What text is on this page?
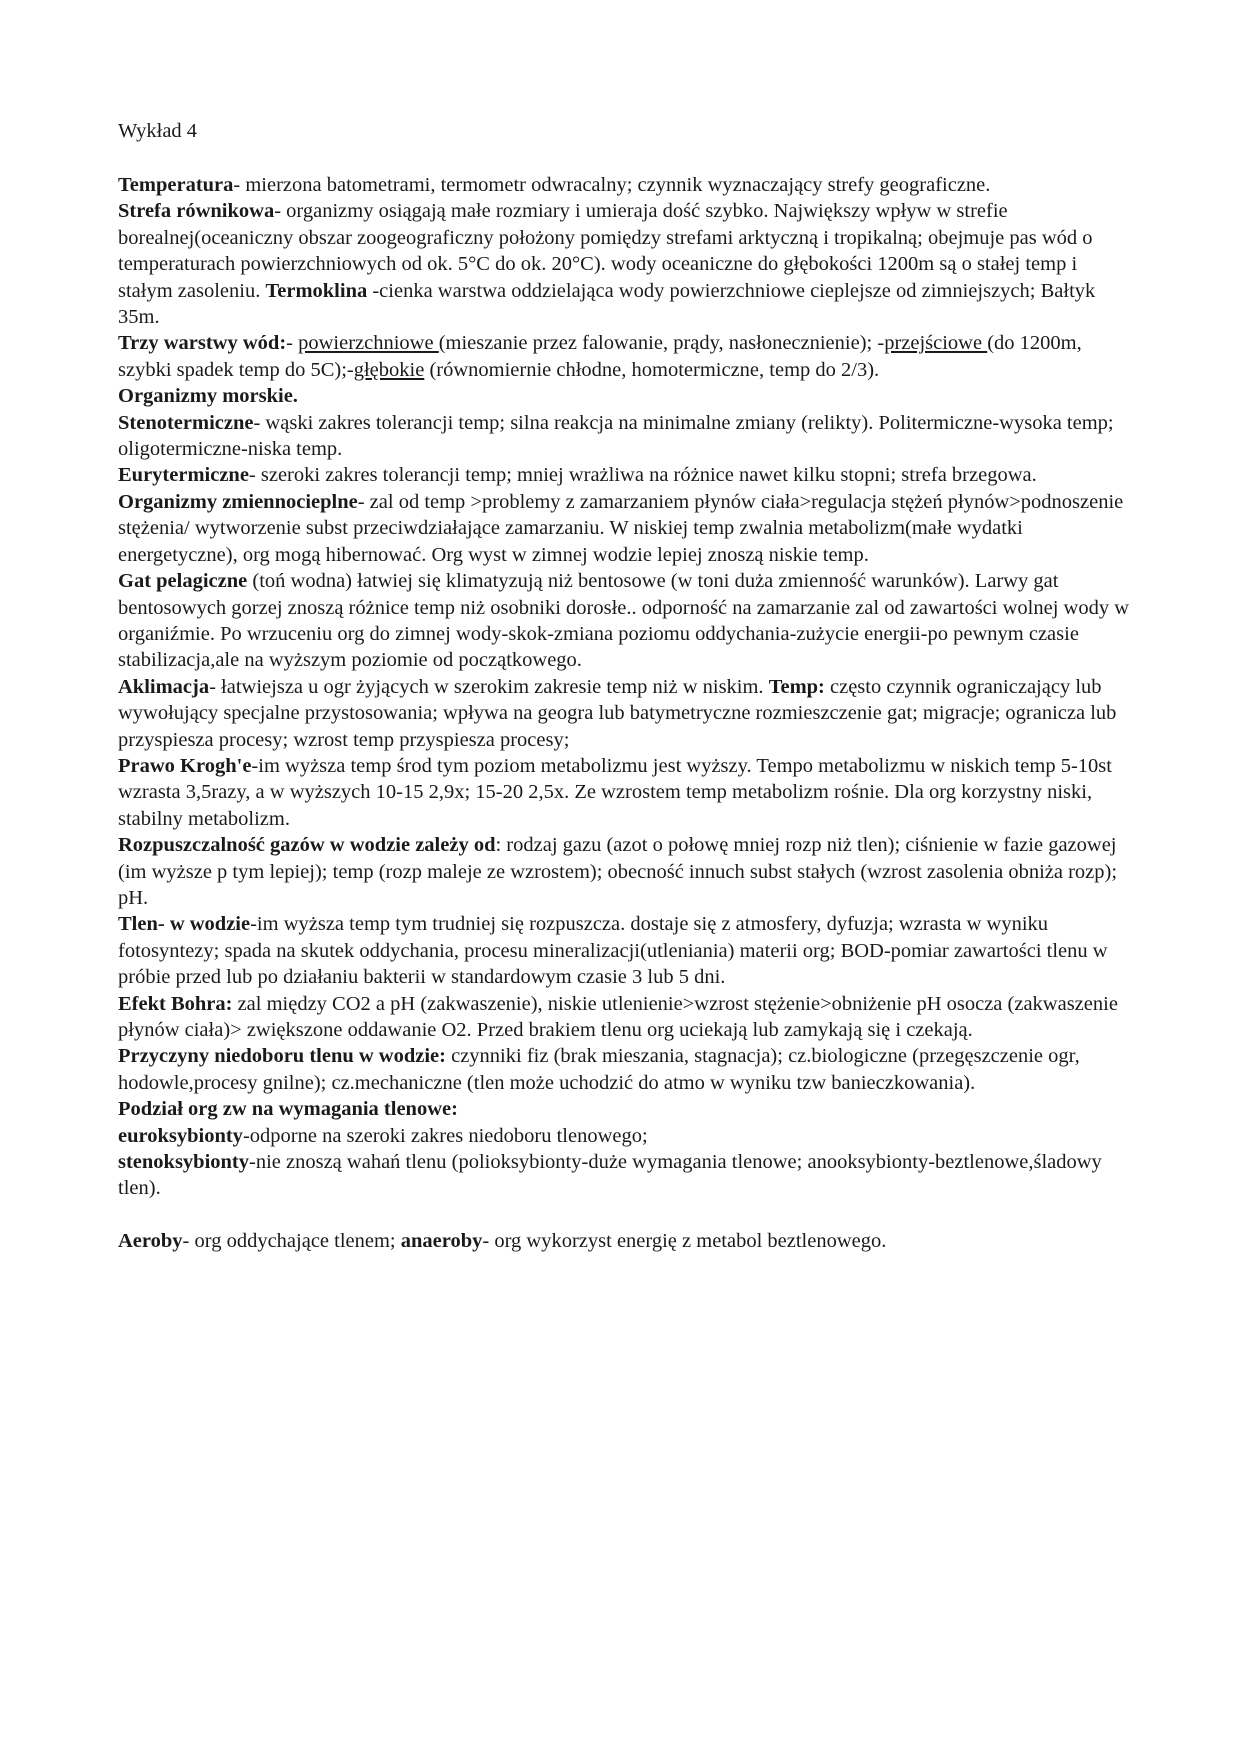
Wykład 4

Temperatura- mierzona batometrami, termometr odwracalny; czynnik wyznaczający strefy geograficzne.

Strefa równikowa- organizmy osiągają małe rozmiary i umieraja dość szybko. Największy wpływ w strefie borealnej(oceaniczny obszar zoogeograficzny położony pomiędzy strefami arktyczną i tropikalną; obejmuje pas wód o temperaturach powierzchniowych od ok. 5°C do ok. 20°C). wody oceaniczne do głębokości 1200m są o stałej temp i stałym zasoleniu. Termoklina -cienka warstwa oddzielająca wody powierzchniowe cieplejsze od zimniejszych; Bałtyk 35m.

Trzy warstwy wód:- powierzchniowe (mieszanie przez falowanie, prądy, nasłonecznienie); -przejściowe (do 1200m, szybki spadek temp do 5C);-głębokie (równomiernie chłodne, homotermiczne, temp do 2/3).

Organizmy morskie.

Stenotermiczne- wąski zakres tolerancji temp; silna reakcja na minimalne zmiany (relikty). Politermiczne-wysoka temp; oligotermiczne-niska temp.

Eurytermiczne- szeroki zakres tolerancji temp; mniej wrażliwa na różnice nawet kilku stopni; strefa brzegowa.

Organizmy zmiennocieplne- zal od temp >problemy z zamarzaniem płynów ciała>regulacja stężeń płynów>podnoszenie stężenia/ wytworzenie subst przeciwdziałające zamarzaniu. W niskiej temp zwalnia metabolizm(małe wydatki energetyczne), org mogą hibernować. Org wyst w zimnej wodzie lepiej znoszą niskie temp.

Gat pelagiczne (toń wodna) łatwiej się klimatyzują niż bentosowe (w toni duża zmienność warunków). Larwy gat bentosowych gorzej znoszą różnice temp niż osobniki dorosłe.. odporność na zamarzanie zal od zawartości wolnej wody w organiźmie. Po wrzuceniu org do zimnej wody-skok-zmiana poziomu oddychania-zużycie energii-po pewnym czasie stabilizacja,ale na wyższym poziomie od początkowego.

Aklimacja- łatwiejsza u ogr żyjących w szerokim zakresie temp niż w niskim. Temp: często czynnik ograniczający lub wywołujący specjalne przystosowania; wpływa na geogra lub batymetryczne rozmieszczenie gat; migracje; ogranicza lub przyspiesza procesy; wzrost temp przyspiesza procesy;

Prawo Krogh'e-im wyższa temp środ tym poziom metabolizmu jest wyższy. Tempo metabolizmu w niskich temp 5-10st wzrasta 3,5razy, a w wyższych 10-15 2,9x; 15-20 2,5x. Ze wzrostem temp metabolizm rośnie. Dla org korzystny niski, stabilny metabolizm.

Rozpuszczalność gazów w wodzie zależy od: rodzaj gazu (azot o połowę mniej rozp niż tlen); ciśnienie w fazie gazowej (im wyższe p tym lepiej); temp (rozp maleje ze wzrostem); obecność innuch subst stałych (wzrost zasolenia obniża rozp); pH.

Tlen- w wodzie-im wyższa temp tym trudniej się rozpuszcza. dostaje się z atmosfery, dyfuzja; wzrasta w wyniku fotosyntezy; spada na skutek oddychania, procesu mineralizacji(utleniania) materii org; BOD-pomiar zawartości tlenu w próbie przed lub po działaniu bakterii w standardowym czasie 3 lub 5 dni.

Efekt Bohra: zal między CO2 a pH (zakwaszenie), niskie utlenienie>wzrost stężenie>obniżenie pH osocza (zakwaszenie płynów ciała)> zwiększone oddawanie O2. Przed brakiem tlenu org uciekają lub zamykają się i czekają.

Przyczyny niedoboru tlenu w wodzie: czynniki fiz (brak mieszania, stagnacja); cz.biologiczne (przegęszczenie ogr, hodowle,procesy gnilne); cz.mechaniczne (tlen może uchodzić do atmo w wyniku tzw banieczkowania).

Podział org zw na wymagania tlenowe:

euroksybionty-odporne na szeroki zakres niedoboru tlenowego;

stenoksybionty-nie znoszą wahań tlenu (polioksybionty-duże wymagania tlenowe; anooksybionty-beztlenowe,śladowy tlen).

Aeroby- org oddychające tlenem; anaeroby- org wykorzyst energię z metabol beztlenowego.
